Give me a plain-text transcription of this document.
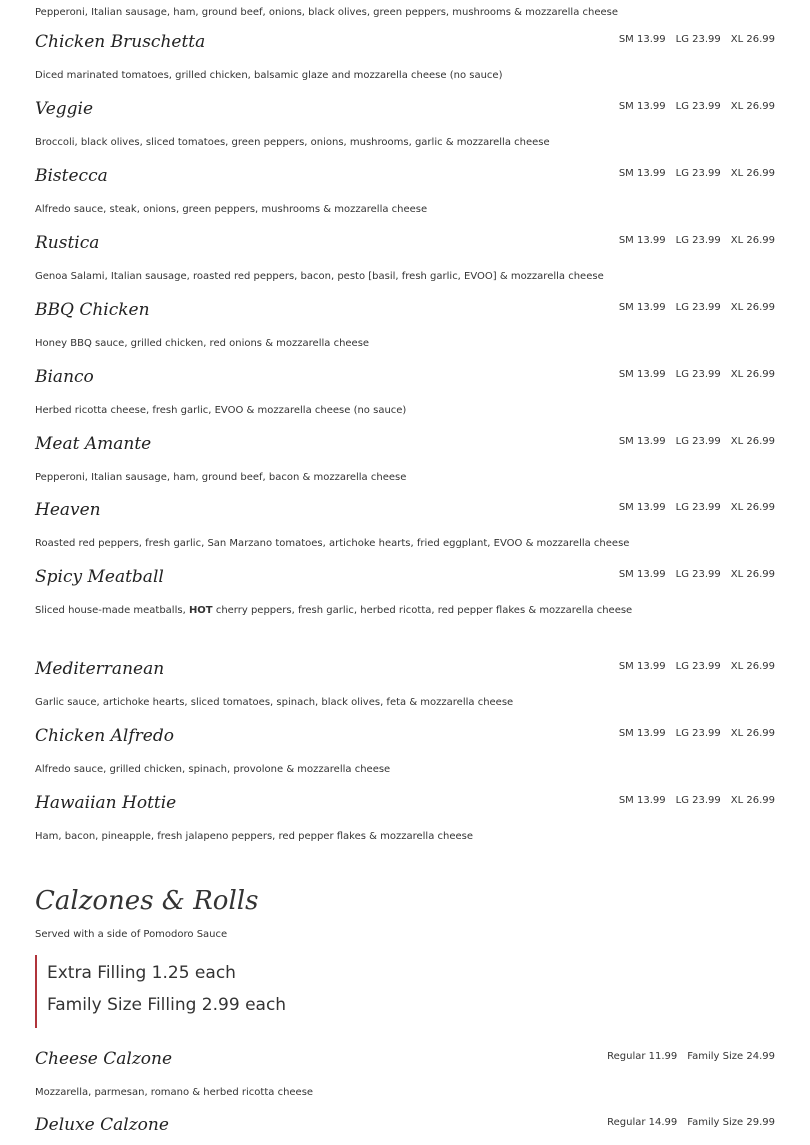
Pepperoni, Italian sausage, ham, ground beef, onions, black olives, green peppers, mushrooms & mozzarella cheese
Chicken Bruschetta	SM 13.99 LG 23.99 XL 26.99
Diced marinated tomatoes, grilled chicken, balsamic glaze and mozzarella cheese (no sauce)
Veggie	SM 13.99 LG 23.99 XL 26.99
Broccoli, black olives, sliced tomatoes, green peppers, onions, mushrooms, garlic & mozzarella cheese
Bistecca	SM 13.99 LG 23.99 XL 26.99
Alfredo sauce, steak, onions, green peppers, mushrooms & mozzarella cheese
Rustica	SM 13.99 LG 23.99 XL 26.99
Genoa Salami, Italian sausage, roasted red peppers, bacon, pesto [basil, fresh garlic, EVOO] & mozzarella cheese
BBQ Chicken	SM 13.99 LG 23.99 XL 26.99
Honey BBQ sauce, grilled chicken, red onions & mozzarella cheese
Bianco	SM 13.99 LG 23.99 XL 26.99
Herbed ricotta cheese, fresh garlic, EVOO & mozzarella cheese (no sauce)
Meat Amante	SM 13.99 LG 23.99 XL 26.99
Pepperoni, Italian sausage, ham, ground beef, bacon & mozzarella cheese
Heaven	SM 13.99 LG 23.99 XL 26.99
Roasted red peppers, fresh garlic, San Marzano tomatoes, artichoke hearts, fried eggplant, EVOO & mozzarella cheese
Spicy Meatball	SM 13.99 LG 23.99 XL 26.99
Sliced house-made meatballs, HOT cherry peppers, fresh garlic, herbed ricotta, red pepper flakes & mozzarella cheese
Mediterranean	SM 13.99 LG 23.99 XL 26.99
Garlic sauce, artichoke hearts, sliced tomatoes, spinach, black olives, feta & mozzarella cheese
Chicken Alfredo	SM 13.99 LG 23.99 XL 26.99
Alfredo sauce, grilled chicken, spinach, provolone & mozzarella cheese
Hawaiian Hottie	SM 13.99 LG 23.99 XL 26.99
Ham, bacon, pineapple, fresh jalapeno peppers, red pepper flakes & mozzarella cheese
Calzones & Rolls
Served with a side of Pomodoro Sauce
Extra Filling 1.25 each
Family Size Filling 2.99 each
Cheese Calzone	Regular 11.99 Family Size 24.99
Mozzarella, parmesan, romano & herbed ricotta cheese
Deluxe Calzone	Regular 14.99 Family Size 29.99
